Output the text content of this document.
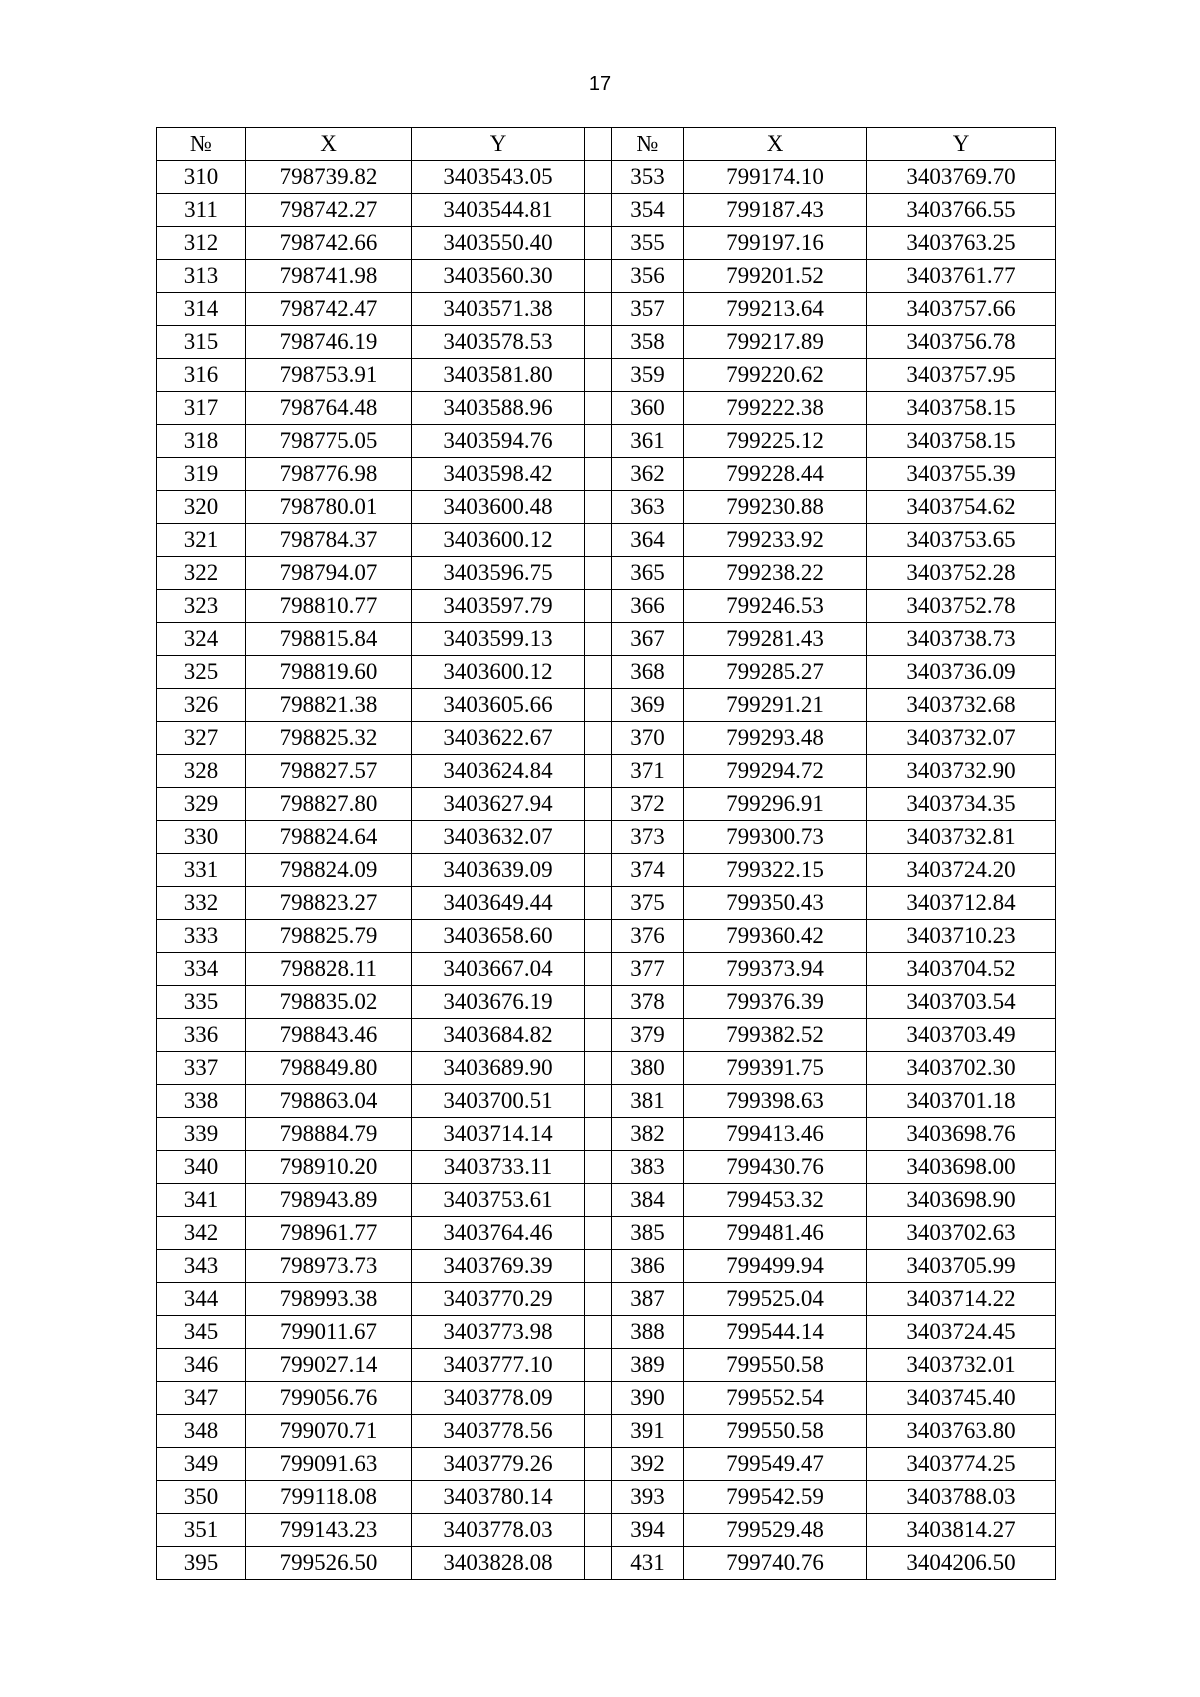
17
№	X	Y		№	X	Y
310	798739.82	3403543.05		353	799174.10	3403769.70
311	798742.27	3403544.81		354	799187.43	3403766.55
312	798742.66	3403550.40		355	799197.16	3403763.25
313	798741.98	3403560.30		356	799201.52	3403761.77
314	798742.47	3403571.38		357	799213.64	3403757.66
315	798746.19	3403578.53		358	799217.89	3403756.78
316	798753.91	3403581.80		359	799220.62	3403757.95
317	798764.48	3403588.96		360	799222.38	3403758.15
318	798775.05	3403594.76		361	799225.12	3403758.15
319	798776.98	3403598.42		362	799228.44	3403755.39
320	798780.01	3403600.48		363	799230.88	3403754.62
321	798784.37	3403600.12		364	799233.92	3403753.65
322	798794.07	3403596.75		365	799238.22	3403752.28
323	798810.77	3403597.79		366	799246.53	3403752.78
324	798815.84	3403599.13		367	799281.43	3403738.73
325	798819.60	3403600.12		368	799285.27	3403736.09
326	798821.38	3403605.66		369	799291.21	3403732.68
327	798825.32	3403622.67		370	799293.48	3403732.07
328	798827.57	3403624.84		371	799294.72	3403732.90
329	798827.80	3403627.94		372	799296.91	3403734.35
330	798824.64	3403632.07		373	799300.73	3403732.81
331	798824.09	3403639.09		374	799322.15	3403724.20
332	798823.27	3403649.44		375	799350.43	3403712.84
333	798825.79	3403658.60		376	799360.42	3403710.23
334	798828.11	3403667.04		377	799373.94	3403704.52
335	798835.02	3403676.19		378	799376.39	3403703.54
336	798843.46	3403684.82		379	799382.52	3403703.49
337	798849.80	3403689.90		380	799391.75	3403702.30
338	798863.04	3403700.51		381	799398.63	3403701.18
339	798884.79	3403714.14		382	799413.46	3403698.76
340	798910.20	3403733.11		383	799430.76	3403698.00
341	798943.89	3403753.61		384	799453.32	3403698.90
342	798961.77	3403764.46		385	799481.46	3403702.63
343	798973.73	3403769.39		386	799499.94	3403705.99
344	798993.38	3403770.29		387	799525.04	3403714.22
345	799011.67	3403773.98		388	799544.14	3403724.45
346	799027.14	3403777.10		389	799550.58	3403732.01
347	799056.76	3403778.09		390	799552.54	3403745.40
348	799070.71	3403778.56		391	799550.58	3403763.80
349	799091.63	3403779.26		392	799549.47	3403774.25
350	799118.08	3403780.14		393	799542.59	3403788.03
351	799143.23	3403778.03		394	799529.48	3403814.27
395	799526.50	3403828.08		431	799740.76	3404206.50
